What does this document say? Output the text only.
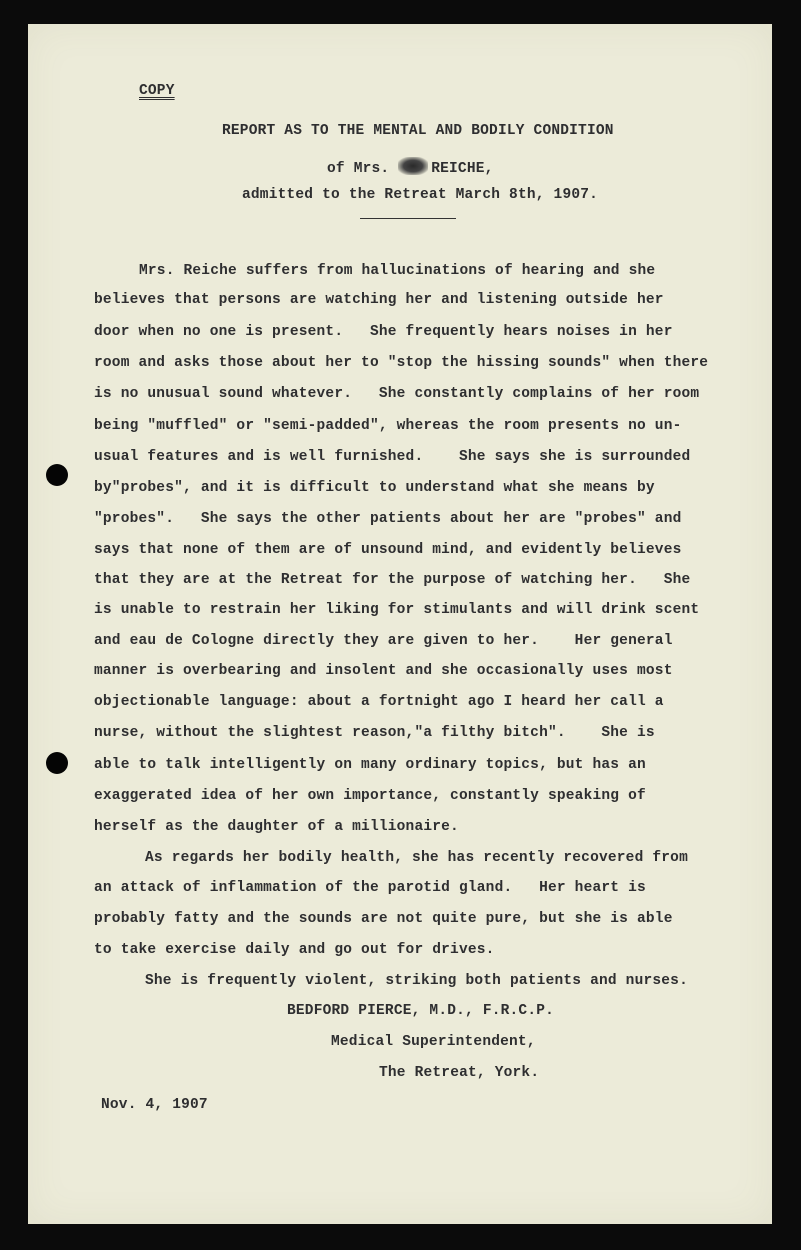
COPY

REPORT AS TO THE MENTAL AND BODILY CONDITION

of Mrs.	REICHE,

admitted to the Retreat March 8th, 1907.

Mrs. Reiche suffers from hallucinations of hearing and she

believes that persons are watching her and listening outside her

door when no one is present.   She frequently hears noises in her

room and asks those about her to "stop the hissing sounds" when there

is no unusual sound whatever.   She constantly complains of her room

being "muffled" or "semi-padded", whereas the room presents no un-

usual features and is well furnished.    She says she is surrounded

by"probes", and it is difficult to understand what she means by

"probes".   She says the other patients about her are "probes" and

says that none of them are of unsound mind, and evidently believes

that they are at the Retreat for the purpose of watching her.   She

is unable to restrain her liking for stimulants and will drink scent

and eau de Cologne directly they are given to her.    Her general

manner is overbearing and insolent and she occasionally uses most

objectionable language: about a fortnight ago I heard her call a

nurse, without the slightest reason,"a filthy bitch".    She is

able to talk intelligently on many ordinary topics, but has an

exaggerated idea of her own importance, constantly speaking of

herself as the daughter of a millionaire.

As regards her bodily health, she has recently recovered from

an attack of inflammation of the parotid gland.   Her heart is

probably fatty and the sounds are not quite pure, but she is able

to take exercise daily and go out for drives.

She is frequently violent, striking both patients and nurses.

BEDFORD PIERCE, M.D., F.R.C.P.

Medical Superintendent,

The Retreat, York.

Nov. 4, 1907
